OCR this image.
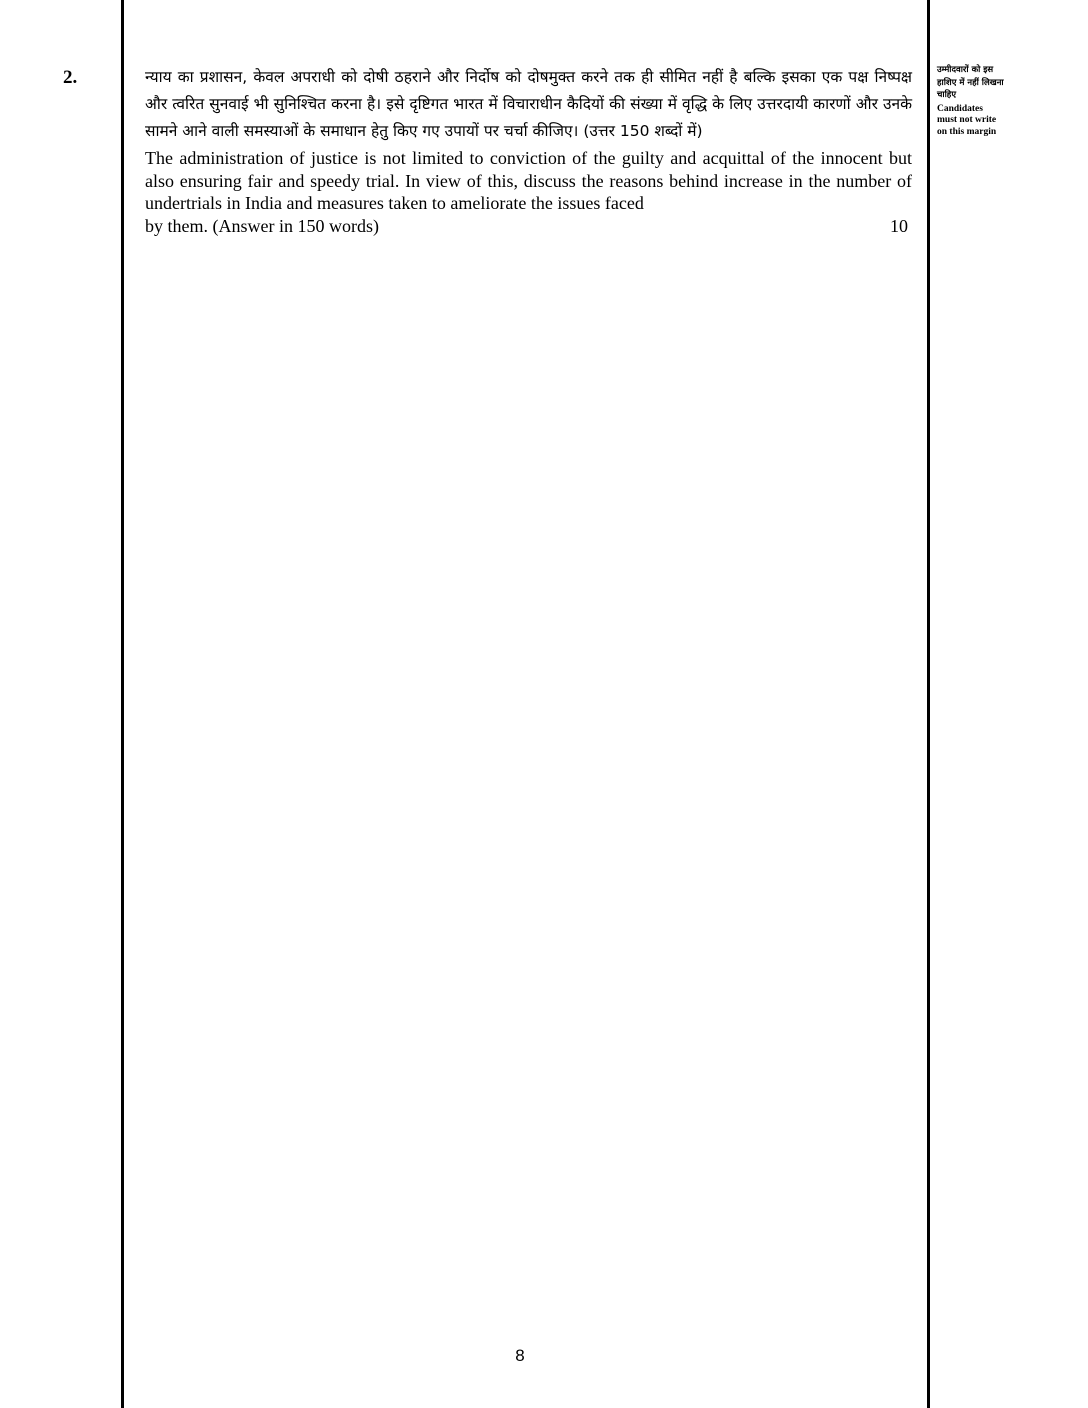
2.	न्याय का प्रशासन, केवल अपराधी को दोषी ठहराने और निर्दोष को दोषमुक्त करने तक ही सीमित नहीं है बल्कि इसका एक पक्ष निष्पक्ष और त्वरित सुनवाई भी सुनिश्चित करना है। इसे दृष्टिगत भारत में विचाराधीन कैदियों की संख्या में वृद्धि के लिए उत्तरदायी कारणों और उनके सामने आने वाली समस्याओं के समाधान हेतु किए गए उपायों पर चर्चा कीजिए। (उत्तर 150 शब्दों में)

The administration of justice is not limited to conviction of the guilty and acquittal of the innocent but also ensuring fair and speedy trial. In view of this, discuss the reasons behind increase in the number of undertrials in India and measures taken to ameliorate the issues faced

by them. (Answer in 150 words)	10

उम्मीदवारों को इस हाशिए में नहीं लिखना चाहिए

Candidates must not write on this margin

8
